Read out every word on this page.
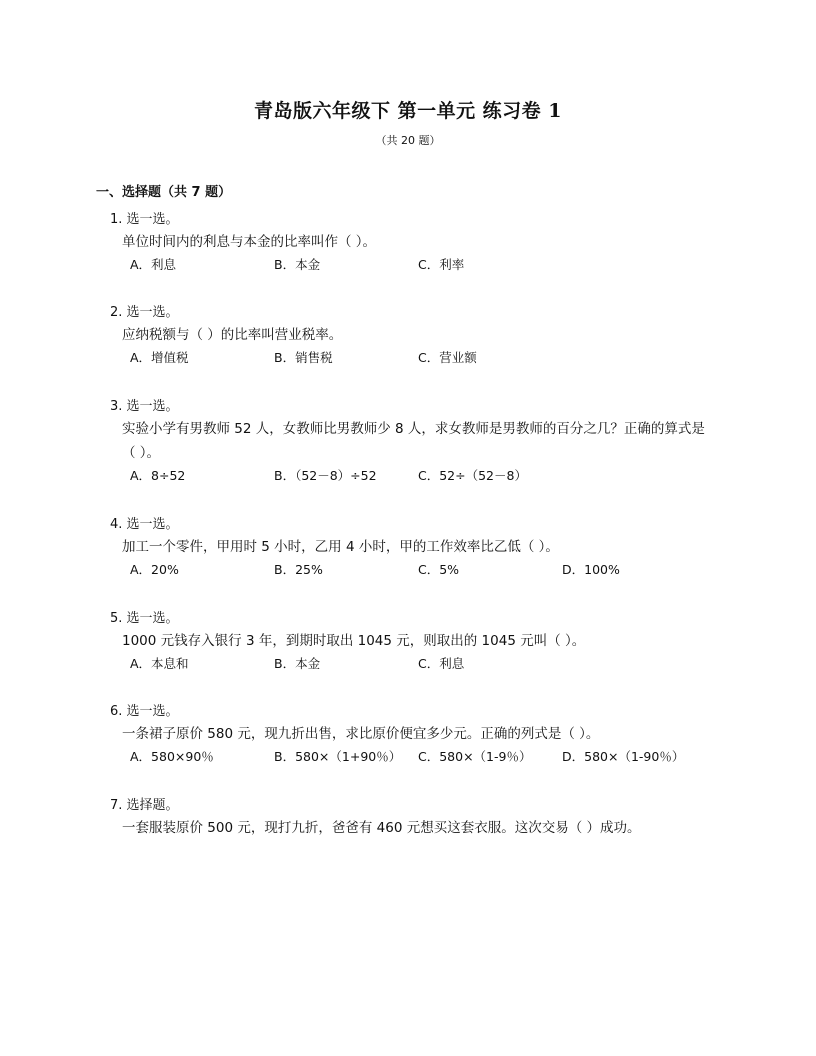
青岛版六年级下 第一单元 练习卷 1
（共 20 题）
一、选择题（共 7 题）
1. 选一选。
单位时间内的利息与本金的比率叫作（ ）。
A．利息	B．本金	C．利率
2. 选一选。
应纳税额与（ ）的比率叫营业税率。
A．增值税	B．销售税	C．营业额
3. 选一选。
实验小学有男教师 52 人，女教师比男教师少 8 人，求女教师是男教师的百分之几？正确的算式是
（ ）。
A．8÷52	B．（52－8）÷52	C．52÷（52－8）
4. 选一选。
加工一个零件，甲用时 5 小时，乙用 4 小时，甲的工作效率比乙低（ ）。
A．20%	B．25%	C．5%	D．100%
5. 选一选。
1000 元钱存入银行 3 年，到期时取出 1045 元，则取出的 1045 元叫（ ）。
A．本息和	B．本金	C．利息
6. 选一选。
一条裙子原价 580 元，现九折出售，求比原价便宜多少元。正确的列式是（ ）。
A．580×90％	B．580×（1+90％） C．580×（1-9％） D．580×（1-90％）
7. 选择题。
一套服装原价 500 元，现打九折，爸爸有 460 元想买这套衣服。这次交易（ ）成功。
